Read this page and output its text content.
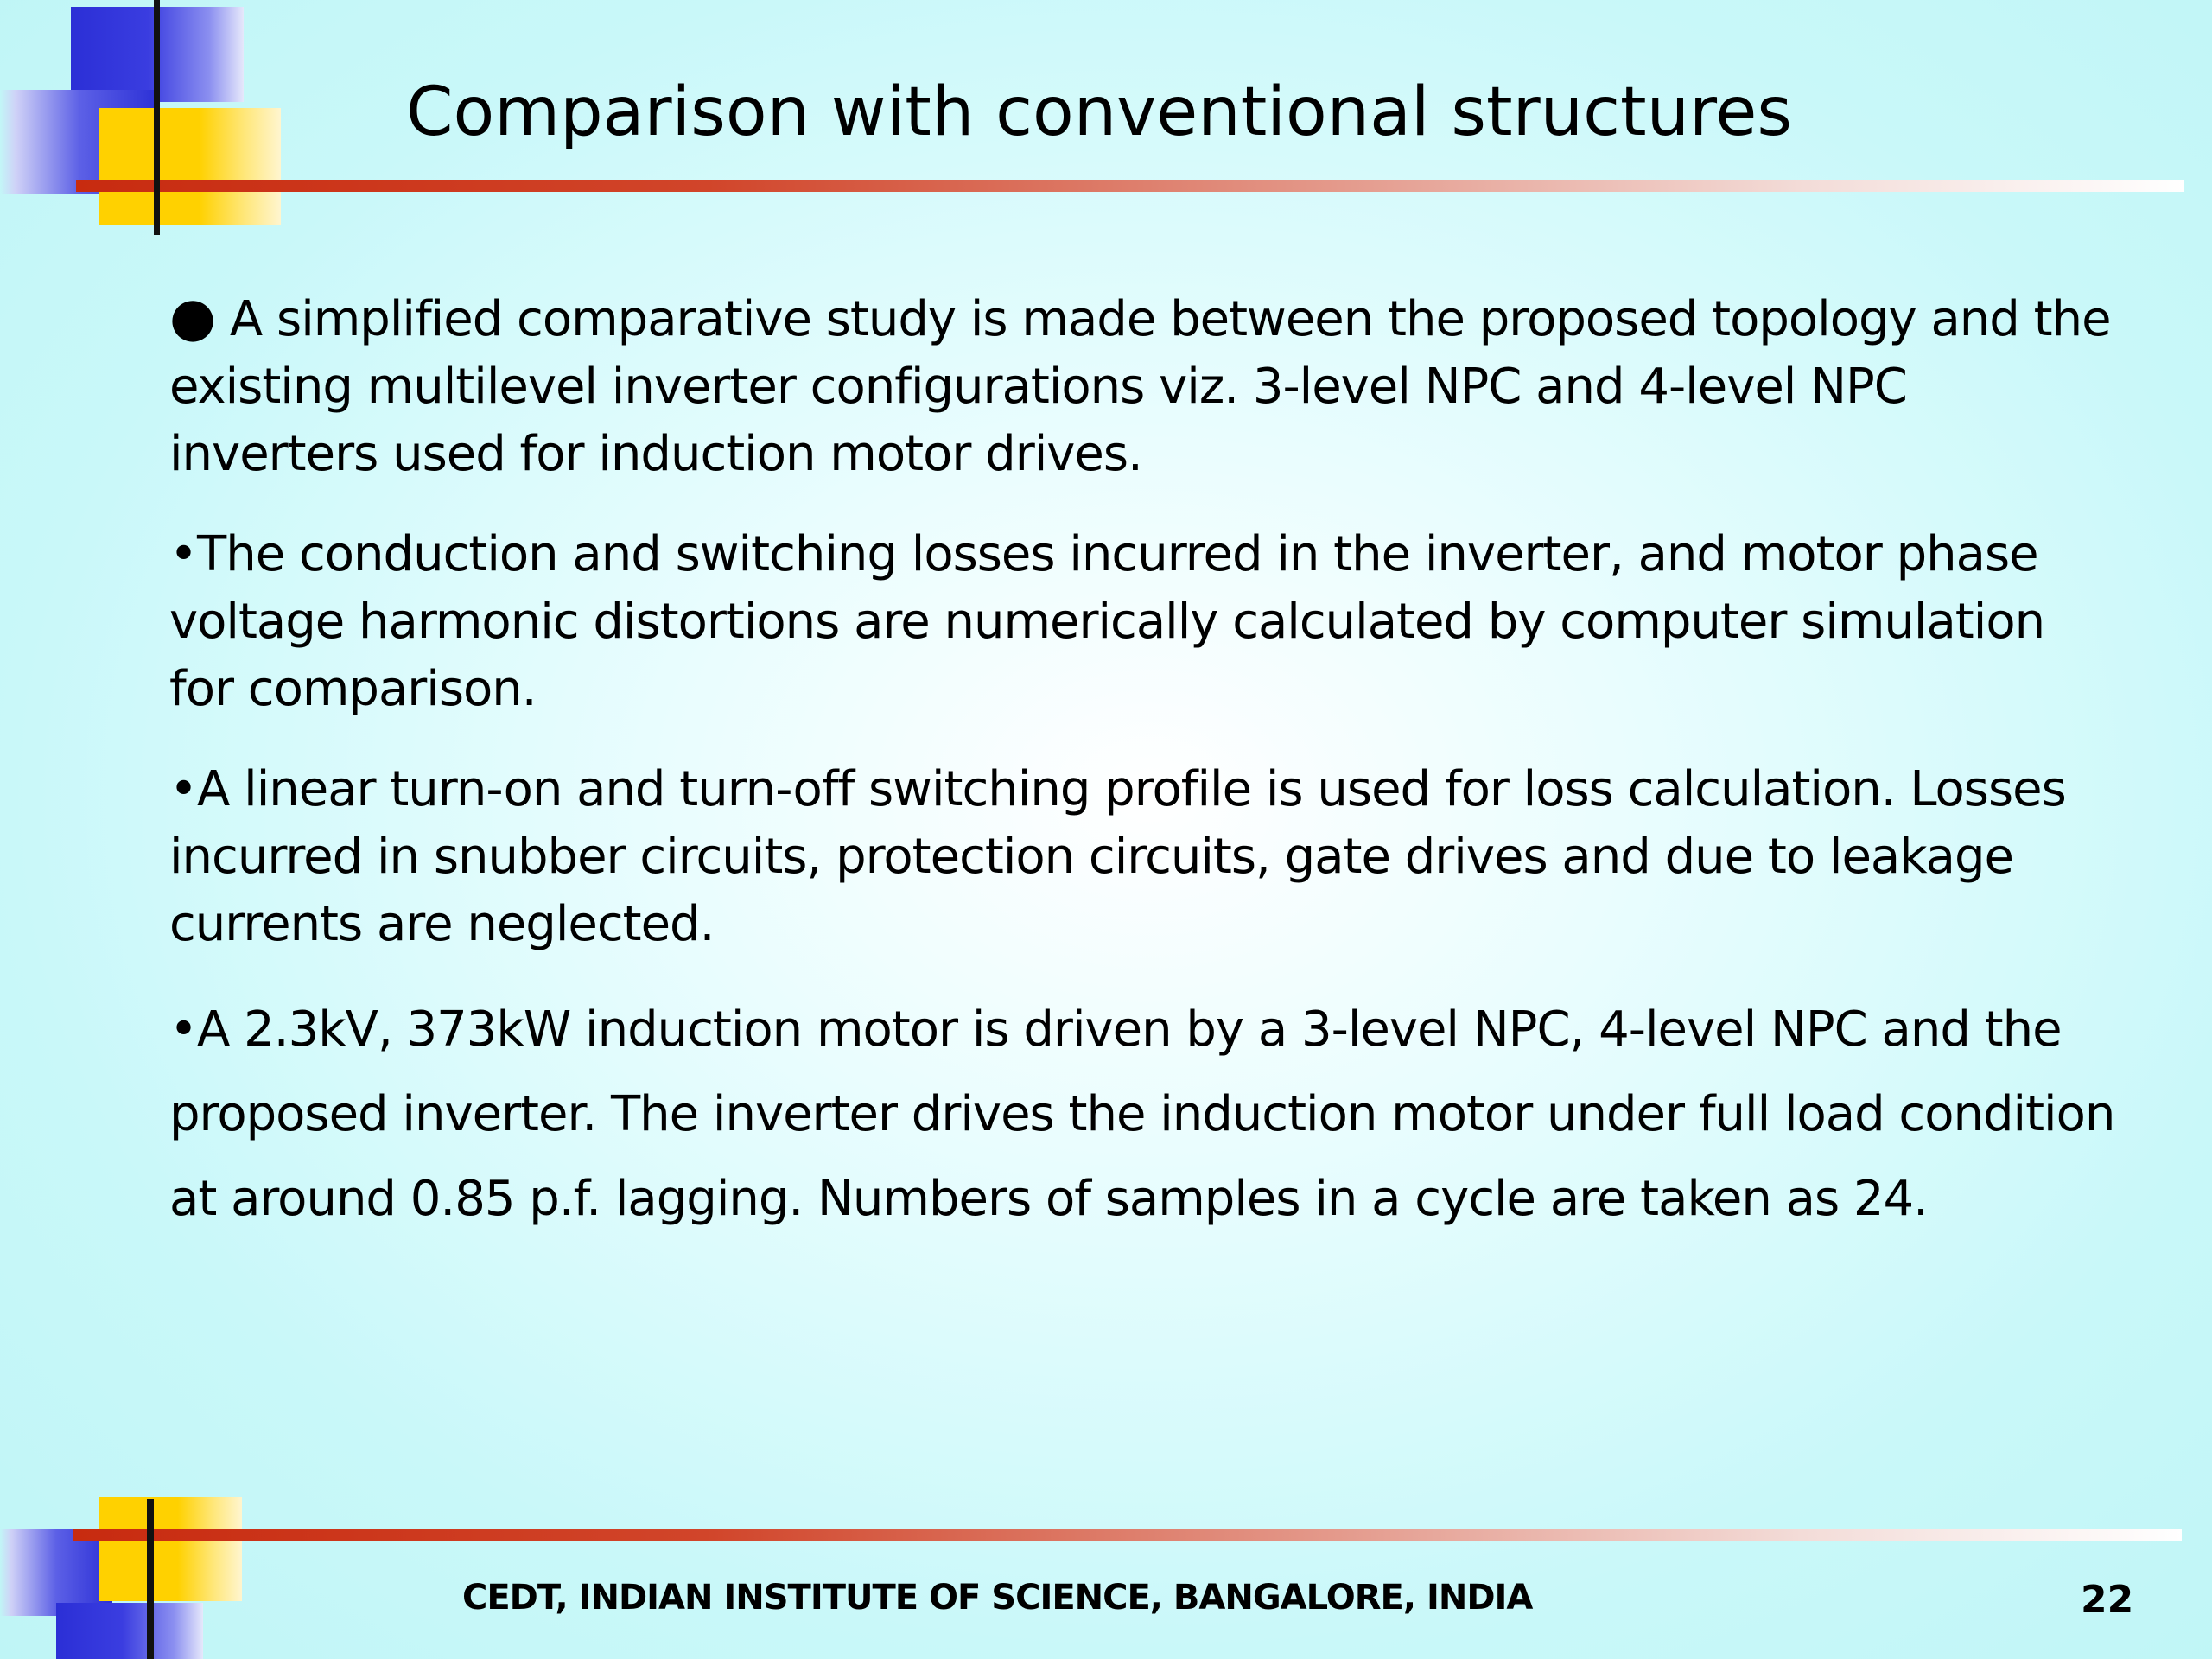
Comparison with conventional structures

● A simplified comparative study is made between the proposed topology and the existing multilevel inverter configurations viz. 3-level NPC and 4-level NPC inverters used for induction motor drives.

•The conduction and switching losses incurred in the inverter, and motor phase voltage harmonic distortions are numerically calculated by computer simulation for comparison.

•A linear turn-on and turn-off switching profile is used for loss calculation. Losses incurred in snubber circuits, protection circuits, gate drives and due to leakage currents are neglected.

•A 2.3kV, 373kW induction motor is driven by a 3-level NPC, 4-level NPC and the proposed inverter. The inverter drives the induction motor under full load condition at around 0.85 p.f. lagging. Numbers of samples in a cycle are taken as 24.

CEDT, INDIAN INSTITUTE OF SCIENCE, BANGALORE, INDIA	22
